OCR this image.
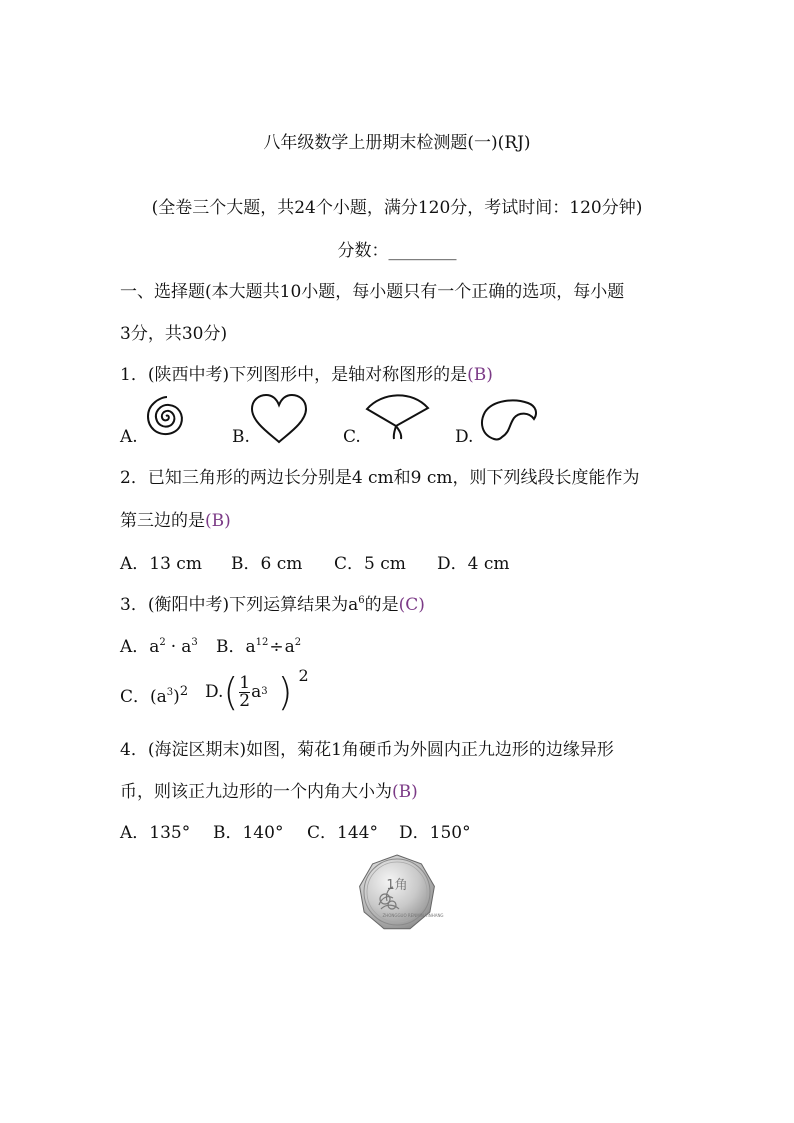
八年级数学上册期末检测题(一)(RJ)
(全卷三个大题，共24个小题，满分120分，考试时间：120分钟)
分数：________
一、选择题(本大题共10小题，每小题只有一个正确的选项，每小题
3分，共30分)
1．(陕西中考)下列图形中，是轴对称图形的是(B)
A.	B.	C.	D.
2．已知三角形的两边长分别是4 cm和9 cm，则下列线段长度能作为
第三边的是(B)
A．13 cm B．6 cm C．5 cm D．4 cm
3．(衡阳中考)下列运算结果为$a^6$的是(C)
A．$a^2 \cdot a^3$ B．$a^{12}\div a^2$
C．$(a^3)^2$ D. ( $\frac{1}{2}$ a 3 ) 2
4．(海淀区期末)如图，菊花1角硬币为外圆内正九边形的边缘异形
币，则该正九边形的一个内角大小为(B)
A．135° B．140° C．144° D．150°
1角
ZHONGGUO RENMIN YINHANG
